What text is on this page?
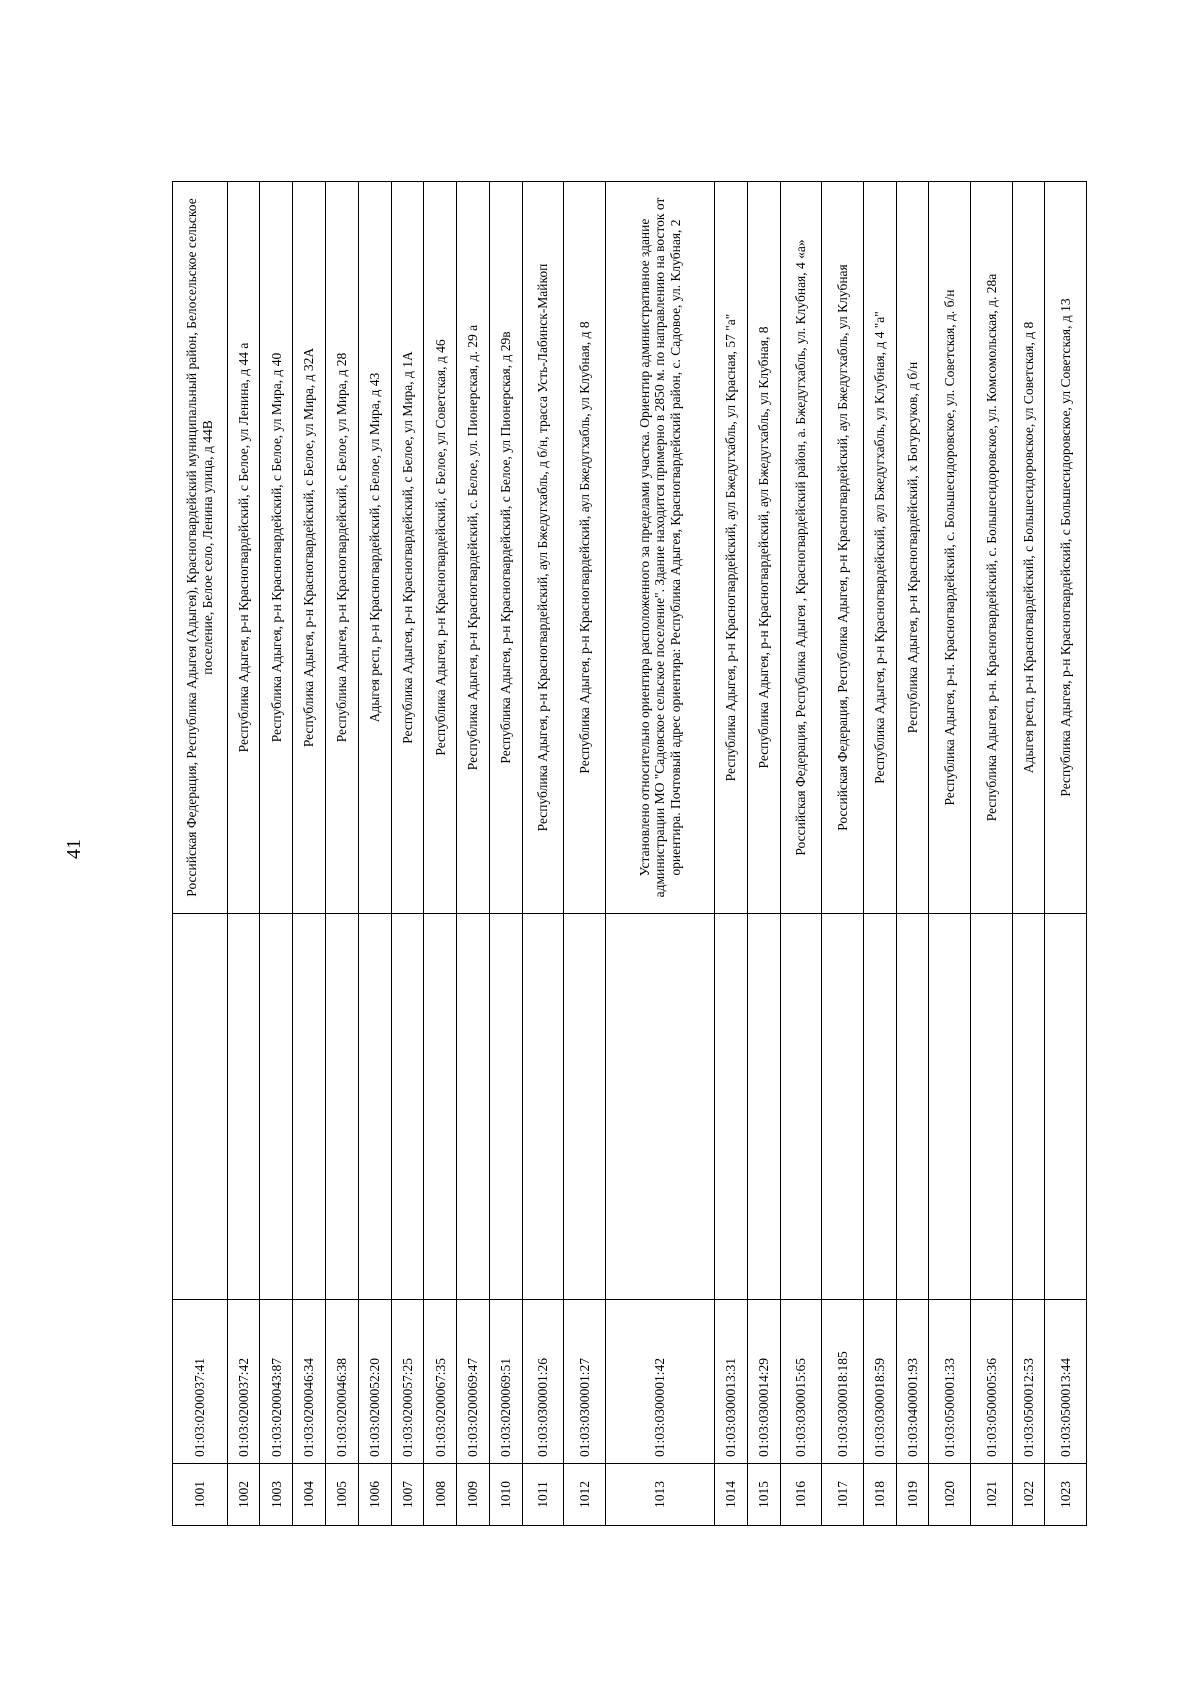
41
1001	01:03:0200037:41		Российская Федерация, Республика Адыгея (Адыгея), Красногвардейский муниципальный район, Белосельское сельское поселение, Белое село, Ленина улица, д 44В
1002	01:03:0200037:42		Республика Адыгея, р-н Красногвардейский, с Белое, ул Ленина, д 44 а
1003	01:03:0200043:87		Республика Адыгея, р-н Красногвардейский, с Белое, ул Мира, д 40
1004	01:03:0200046:34		Республика Адыгея, р-н Красногвардейский, с Белое, ул Мира, д 32А
1005	01:03:0200046:38		Республика Адыгея, р-н Красногвардейский, с Белое, ул Мира, д 28
1006	01:03:0200052:20		Адыгея респ, р-н Красногвардейский, с Белое, ул Мира, д 43
1007	01:03:0200057:25		Республика Адыгея, р-н Красногвардейский, с Белое, ул Мира, д 1А
1008	01:03:0200067:35		Республика Адыгея, р-н Красногвардейский, с Белое, ул Советская, д 46
1009	01:03:0200069:47		Республика Адыгея, р-н Красногвардейский, с. Белое, ул. Пионерская, д. 29 а
1010	01:03:0200069:51		Республика Адыгея, р-н Красногвардейский, с Белое, ул Пионерская, д 29в
1011	01:03:0300001:26		Республика Адыгея, р-н Красногвардейский, аул Бжедугхабль, д б/н, трасса Усть-Лабинск-Майкоп
1012	01:03:0300001:27		Республика Адыгея, р-н Красногвардейский, аул Бжедугхабль, ул Клубная, д 8
1013	01:03:0300001:42		Установлено относительно ориентира расположенного за пределами участка. Ориентир административное здание администрации МО "Садовское сельское поселение". Здание находится примерно в 2850 м. по направлению на восток от ориентира. Почтовый адрес ориентира: Республика Адыгея, Красногвардейский район, с. Садовое, ул. Клубная, 2
1014	01:03:0300013:31		Республика Адыгея, р-н Красногвардейский, аул Бжедугхабль, ул Красная, 57 "а"
1015	01:03:0300014:29		Республика Адыгея, р-н Красногвардейский, аул Бжедугхабль, ул Клубная, 8
1016	01:03:0300015:65		Российская Федерация, Республика Адыгея , Красногвардейский район, а. Бжедугхабль, ул. Клубная, 4 «а»
1017	01:03:0300018:185		Российская Федерация, Республика Адыгея, р-н Красногвардейский, аул Бжедугхабль, ул Клубная
1018	01:03:0300018:59		Республика Адыгея, р-н Красногвардейский, аул Бжедугхабль, ул Клубная, д 4 "а"
1019	01:03:0400001:93		Республика Адыгея, р-н Красногвардейский, х Богурсуков, д б/н
1020	01:03:0500001:33		Республика Адыгея, р-н. Красногвардейский, с. Большесидоровское, ул. Советская, д. б/н
1021	01:03:0500005:36		Республика Адыгея, р-н. Красногвардейский, с. Большесидоровское, ул. Комсомольская, д. 28а
1022	01:03:0500012:53		Адыгея респ, р-н Красногвардейский, с Большесидоровское, ул Советская, д 8
1023	01:03:0500013:44		Республика Адыгея, р-н Красногвардейский, с Большесидоровское, ул Советская, д 13
